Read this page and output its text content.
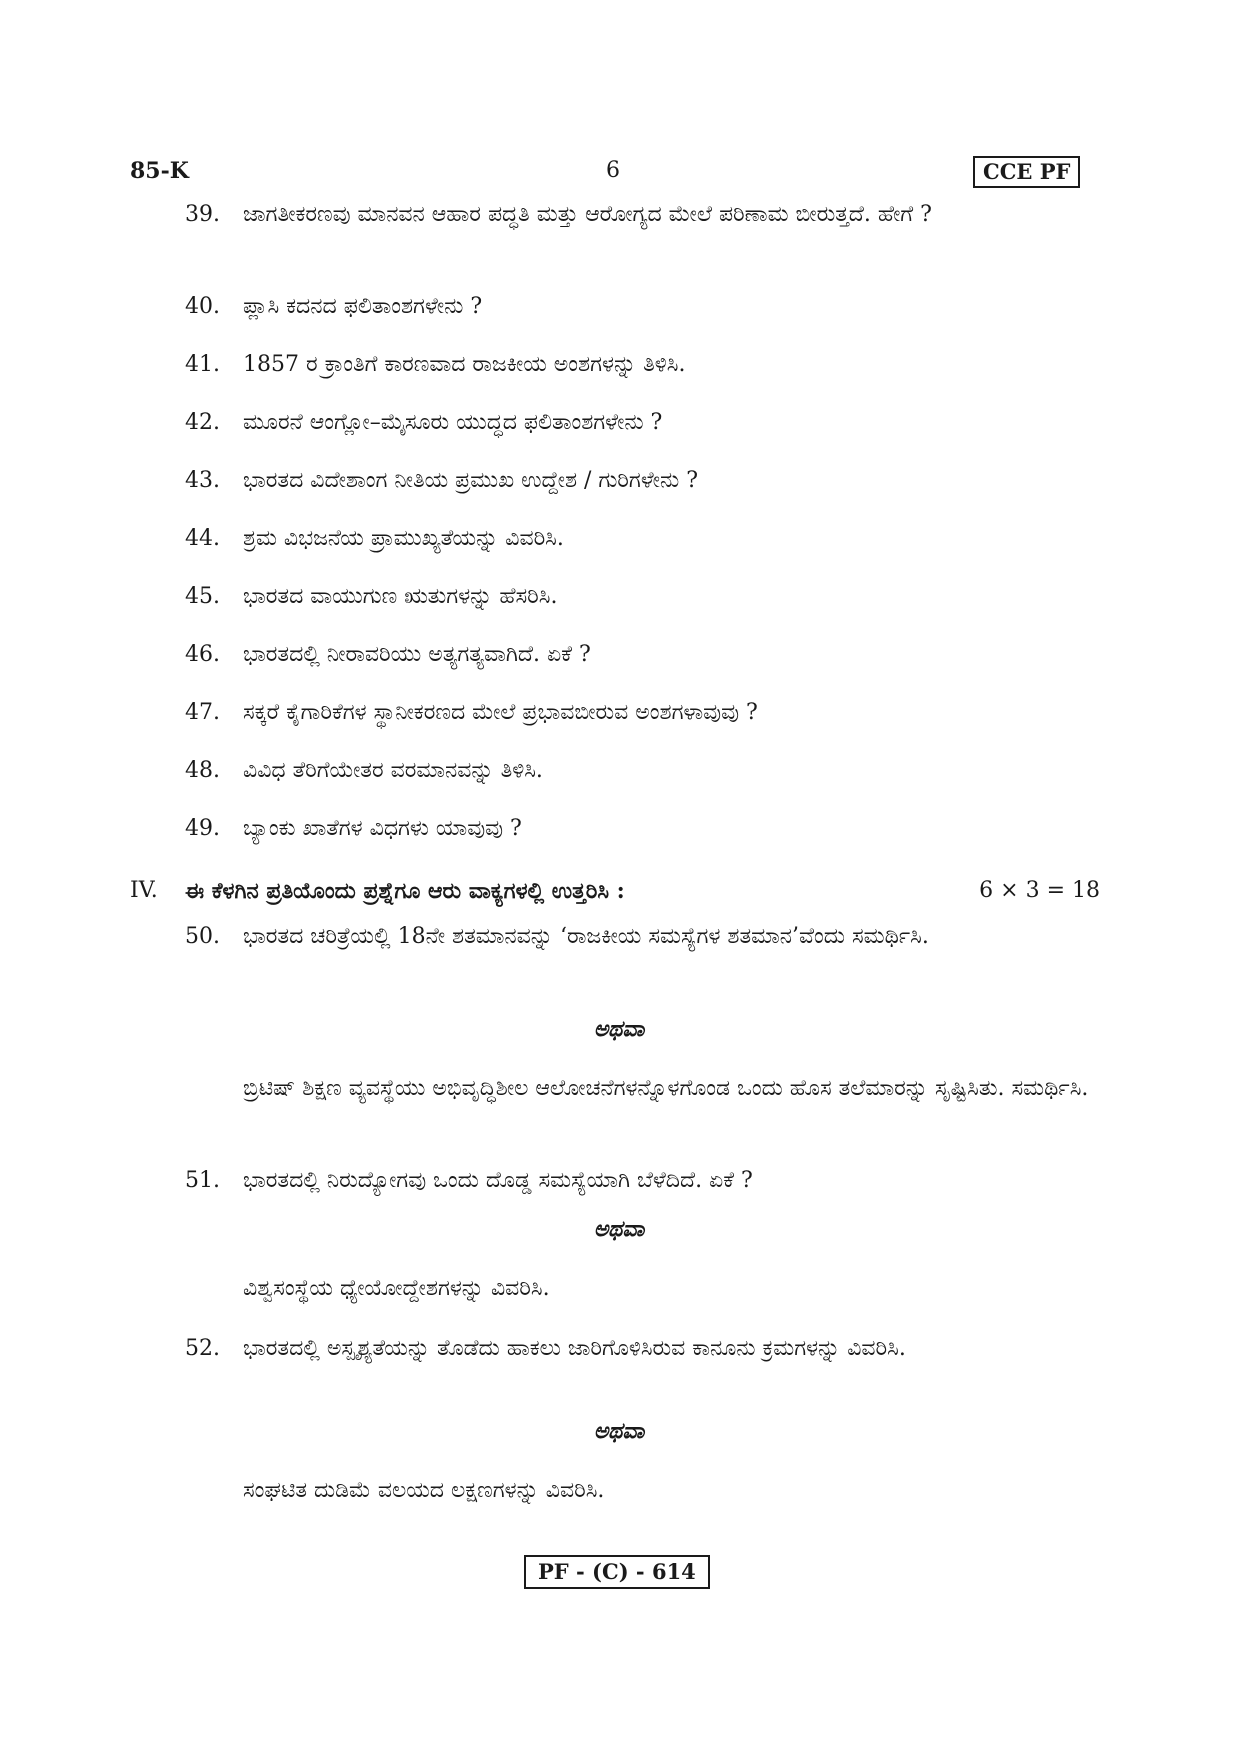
85-K	6	CCE PF
39. ಜಾಗತೀಕರಣವು ಮಾನವನ ಆಹಾರ ಪದ್ಧತಿ ಮತ್ತು ಆರೋಗ್ಯದ ಮೇಲೆ ಪರಿಣಾಮ ಬೀರುತ್ತದೆ. ಹೇಗೆ ?
40. ಪ್ಲಾಸಿ ಕದನದ ಫಲಿತಾಂಶಗಳೇನು ?
41. 1857 ರ ಕ್ರಾಂತಿಗೆ ಕಾರಣವಾದ ರಾಜಕೀಯ ಅಂಶಗಳನ್ನು ತಿಳಿಸಿ.
42. ಮೂರನೆ ಆಂಗ್ಲೋ–ಮೈಸೂರು ಯುದ್ಧದ ಫಲಿತಾಂಶಗಳೇನು ?
43. ಭಾರತದ ವಿದೇಶಾಂಗ ನೀತಿಯ ಪ್ರಮುಖ ಉದ್ದೇಶ / ಗುರಿಗಳೇನು ?
44. ಶ್ರಮ ವಿಭಜನೆಯ ಪ್ರಾಮುಖ್ಯತೆಯನ್ನು ವಿವರಿಸಿ.
45. ಭಾರತದ ವಾಯುಗುಣ ಋತುಗಳನ್ನು ಹೆಸರಿಸಿ.
46. ಭಾರತದಲ್ಲಿ ನೀರಾವರಿಯು ಅತ್ಯಗತ್ಯವಾಗಿದೆ. ಏಕೆ ?
47. ಸಕ್ಕರೆ ಕೈಗಾರಿಕೆಗಳ ಸ್ಥಾನೀಕರಣದ ಮೇಲೆ ಪ್ರಭಾವಬೀರುವ ಅಂಶಗಳಾವುವು ?
48. ವಿವಿಧ ತೆರಿಗೆಯೇತರ ವರಮಾನವನ್ನು ತಿಳಿಸಿ.
49. ಬ್ಯಾಂಕು ಖಾತೆಗಳ ವಿಧಗಳು ಯಾವುವು ?
IV. ಈ ಕೆಳಗಿನ ಪ್ರತಿಯೊಂದು ಪ್ರಶ್ನೆಗೂ ಆರು ವಾಕ್ಯಗಳಲ್ಲಿ ಉತ್ತರಿಸಿ :	6 × 3 = 18
50. ಭಾರತದ ಚರಿತ್ರೆಯಲ್ಲಿ 18ನೇ ಶತಮಾನವನ್ನು ‘ರಾಜಕೀಯ ಸಮಸ್ಯೆಗಳ ಶತಮಾನ’ವೆಂದು ಸಮರ್ಥಿಸಿ.
ಅಥವಾ
ಬ್ರಿಟಿಷ್ ಶಿಕ್ಷಣ ವ್ಯವಸ್ಥೆಯು ಅಭಿವೃದ್ಧಿಶೀಲ ಆಲೋಚನೆಗಳನ್ನೊಳಗೊಂಡ ಒಂದು ಹೊಸ ತಲೆಮಾರನ್ನು ಸೃಷ್ಟಿಸಿತು. ಸಮರ್ಥಿಸಿ.
51. ಭಾರತದಲ್ಲಿ ನಿರುದ್ಯೋಗವು ಒಂದು ದೊಡ್ಡ ಸಮಸ್ಯೆಯಾಗಿ ಬೆಳೆದಿದೆ. ಏಕೆ ?
ಅಥವಾ
ವಿಶ್ವಸಂಸ್ಥೆಯ ಧ್ಯೇಯೋದ್ದೇಶಗಳನ್ನು ವಿವರಿಸಿ.
52. ಭಾರತದಲ್ಲಿ ಅಸ್ಪೃಶ್ಯತೆಯನ್ನು ತೊಡೆದು ಹಾಕಲು ಜಾರಿಗೊಳಿಸಿರುವ ಕಾನೂನು ಕ್ರಮಗಳನ್ನು ವಿವರಿಸಿ.
ಅಥವಾ
ಸಂಘಟಿತ ದುಡಿಮೆ ವಲಯದ ಲಕ್ಷಣಗಳನ್ನು ವಿವರಿಸಿ.
PF - (C) - 614
